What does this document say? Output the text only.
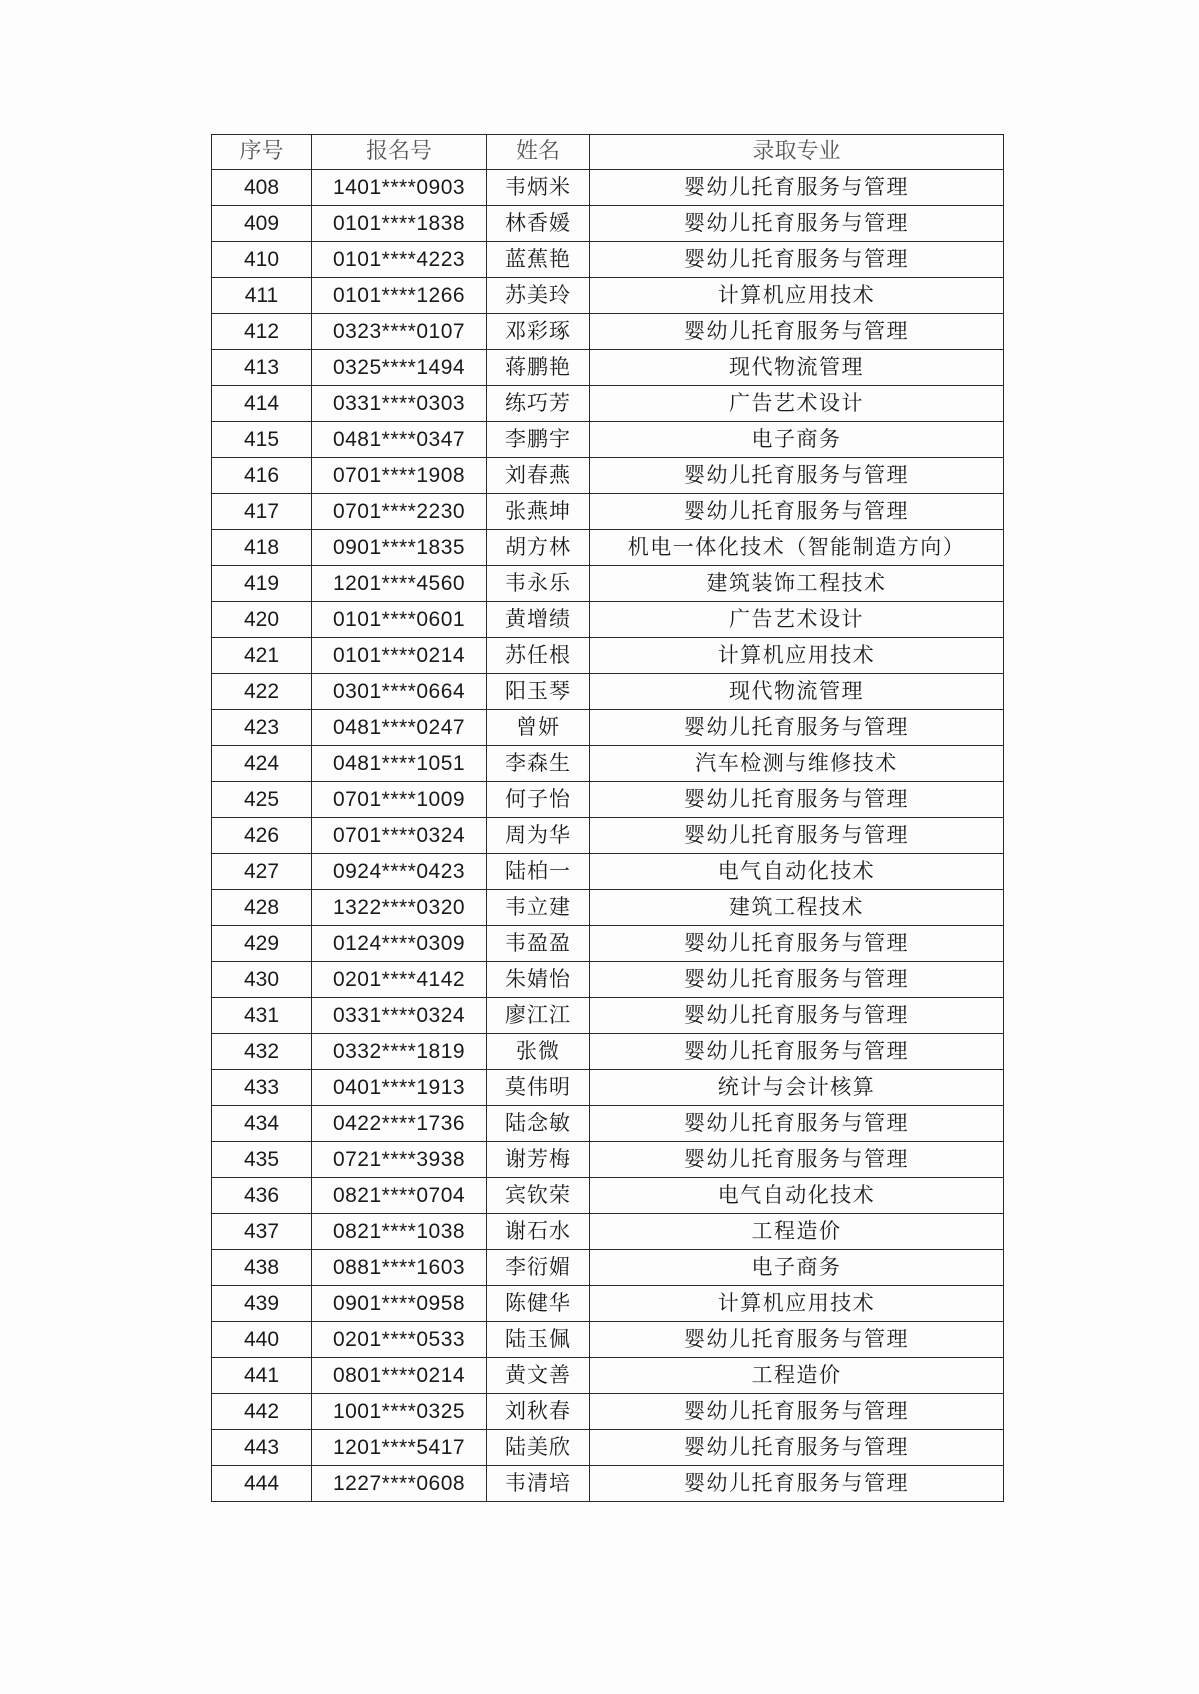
序号	报名号	姓名	录取专业
408	1401****0903	韦炳米	婴幼儿托育服务与管理
409	0101****1838	林香媛	婴幼儿托育服务与管理
410	0101****4223	蓝蕉艳	婴幼儿托育服务与管理
411	0101****1266	苏美玲	计算机应用技术
412	0323****0107	邓彩琢	婴幼儿托育服务与管理
413	0325****1494	蒋鹏艳	现代物流管理
414	0331****0303	练巧芳	广告艺术设计
415	0481****0347	李鹏宇	电子商务
416	0701****1908	刘春燕	婴幼儿托育服务与管理
417	0701****2230	张燕坤	婴幼儿托育服务与管理
418	0901****1835	胡方林	机电一体化技术（智能制造方向）
419	1201****4560	韦永乐	建筑装饰工程技术
420	0101****0601	黄增绩	广告艺术设计
421	0101****0214	苏任根	计算机应用技术
422	0301****0664	阳玉琴	现代物流管理
423	0481****0247	曾妍	婴幼儿托育服务与管理
424	0481****1051	李森生	汽车检测与维修技术
425	0701****1009	何子怡	婴幼儿托育服务与管理
426	0701****0324	周为华	婴幼儿托育服务与管理
427	0924****0423	陆柏一	电气自动化技术
428	1322****0320	韦立建	建筑工程技术
429	0124****0309	韦盈盈	婴幼儿托育服务与管理
430	0201****4142	朱婧怡	婴幼儿托育服务与管理
431	0331****0324	廖江江	婴幼儿托育服务与管理
432	0332****1819	张微	婴幼儿托育服务与管理
433	0401****1913	莫伟明	统计与会计核算
434	0422****1736	陆念敏	婴幼儿托育服务与管理
435	0721****3938	谢芳梅	婴幼儿托育服务与管理
436	0821****0704	宾钦荣	电气自动化技术
437	0821****1038	谢石水	工程造价
438	0881****1603	李衍媚	电子商务
439	0901****0958	陈健华	计算机应用技术
440	0201****0533	陆玉佩	婴幼儿托育服务与管理
441	0801****0214	黄文善	工程造价
442	1001****0325	刘秋春	婴幼儿托育服务与管理
443	1201****5417	陆美欣	婴幼儿托育服务与管理
444	1227****0608	韦清培	婴幼儿托育服务与管理
